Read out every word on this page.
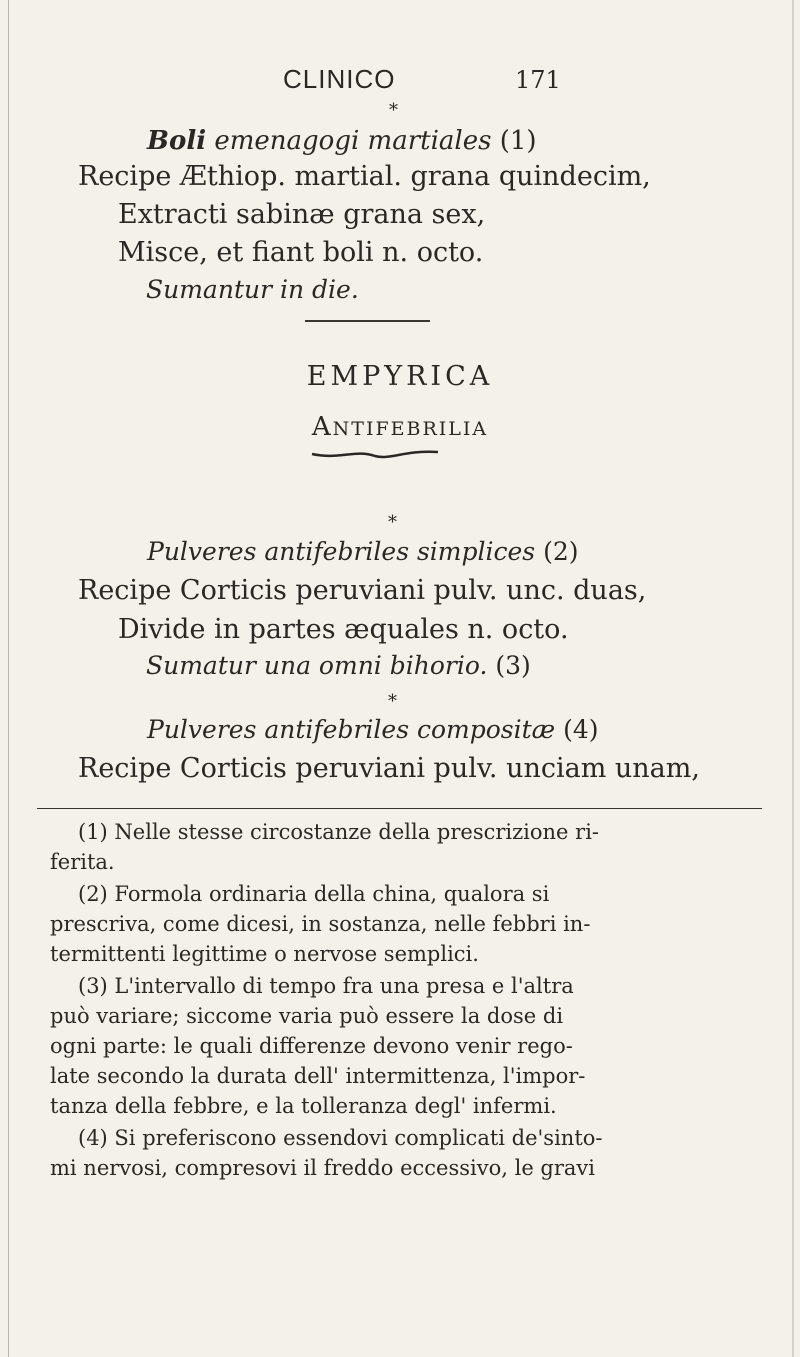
CLINICO	171
*
Boli emenagogi martiales (1)
Recipe Æthiop. martial. grana quindecim,
Extracti sabinæ grana sex,
Misce, et fiant boli n. octo.
Sumantur in die.
EMPYRICA
ANTIFEBRILIA
*
Pulveres antifebriles simplices (2)
Recipe Corticis peruviani pulv. unc. duas,
Divide in partes æquales n. octo.
Sumatur una omni bihorio. (3)
*
Pulveres antifebriles compositæ (4)
Recipe Corticis peruviani pulv. unciam unam,
(1) Nelle stesse circostanze della prescrizione ri-
ferita.
(2) Formola ordinaria della china, qualora si
prescriva, come dicesi, in sostanza, nelle febbri in-
termittenti legittime o nervose semplici.
(3) L'intervallo di tempo fra una presa e l'altra
può variare; siccome varia può essere la dose di
ogni parte: le quali differenze devono venir rego-
late secondo la durata dell' intermittenza, l'impor-
tanza della febbre, e la tolleranza degl' infermi.
(4) Si preferiscono essendovi complicati de'sinto-
mi nervosi, compresovi il freddo eccessivo, le gravi
